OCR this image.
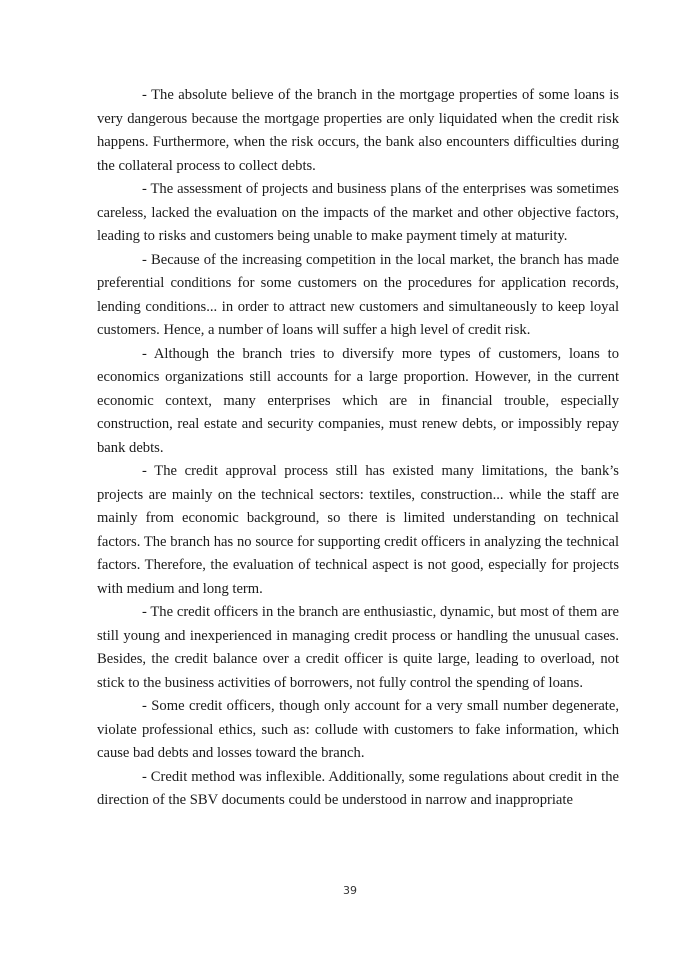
- The absolute believe of the branch in the mortgage properties of some loans is very dangerous because the mortgage properties are only liquidated when the credit risk happens. Furthermore, when the risk occurs, the bank also encounters difficulties during the collateral process to collect debts.

- The assessment of projects and business plans of the enterprises was sometimes careless, lacked the evaluation on the impacts of the market and other objective factors, leading to risks and customers being unable to make payment timely at maturity.

- Because of the increasing competition in the local market, the branch has made preferential conditions for some customers on the procedures for application records, lending conditions... in order to attract new customers and simultaneously to keep loyal customers. Hence, a number of loans will suffer a high level of credit risk.

- Although the branch tries to diversify more types of customers, loans to economics organizations still accounts for a large proportion. However, in the current economic context, many enterprises which are in financial trouble, especially construction, real estate and security companies, must renew debts, or impossibly repay bank debts.

- The credit approval process still has existed many limitations, the bank’s projects are mainly on the technical sectors: textiles, construction... while the staff are mainly from economic background, so there is limited understanding on technical factors. The branch has no source for supporting credit officers in analyzing the technical factors. Therefore, the evaluation of technical aspect is not good, especially for projects with medium and long term.

- The credit officers in the branch are enthusiastic, dynamic, but most of them are still young and inexperienced in managing credit process or handling the unusual cases. Besides, the credit balance over a credit officer is quite large, leading to overload, not stick to the business activities of borrowers, not fully control the spending of loans.

- Some credit officers, though only account for a very small number degenerate, violate professional ethics, such as: collude with customers to fake information, which cause bad debts and losses toward the branch.

- Credit method was inflexible. Additionally, some regulations about credit in the direction of the SBV documents could be understood in narrow and inappropriate

39
